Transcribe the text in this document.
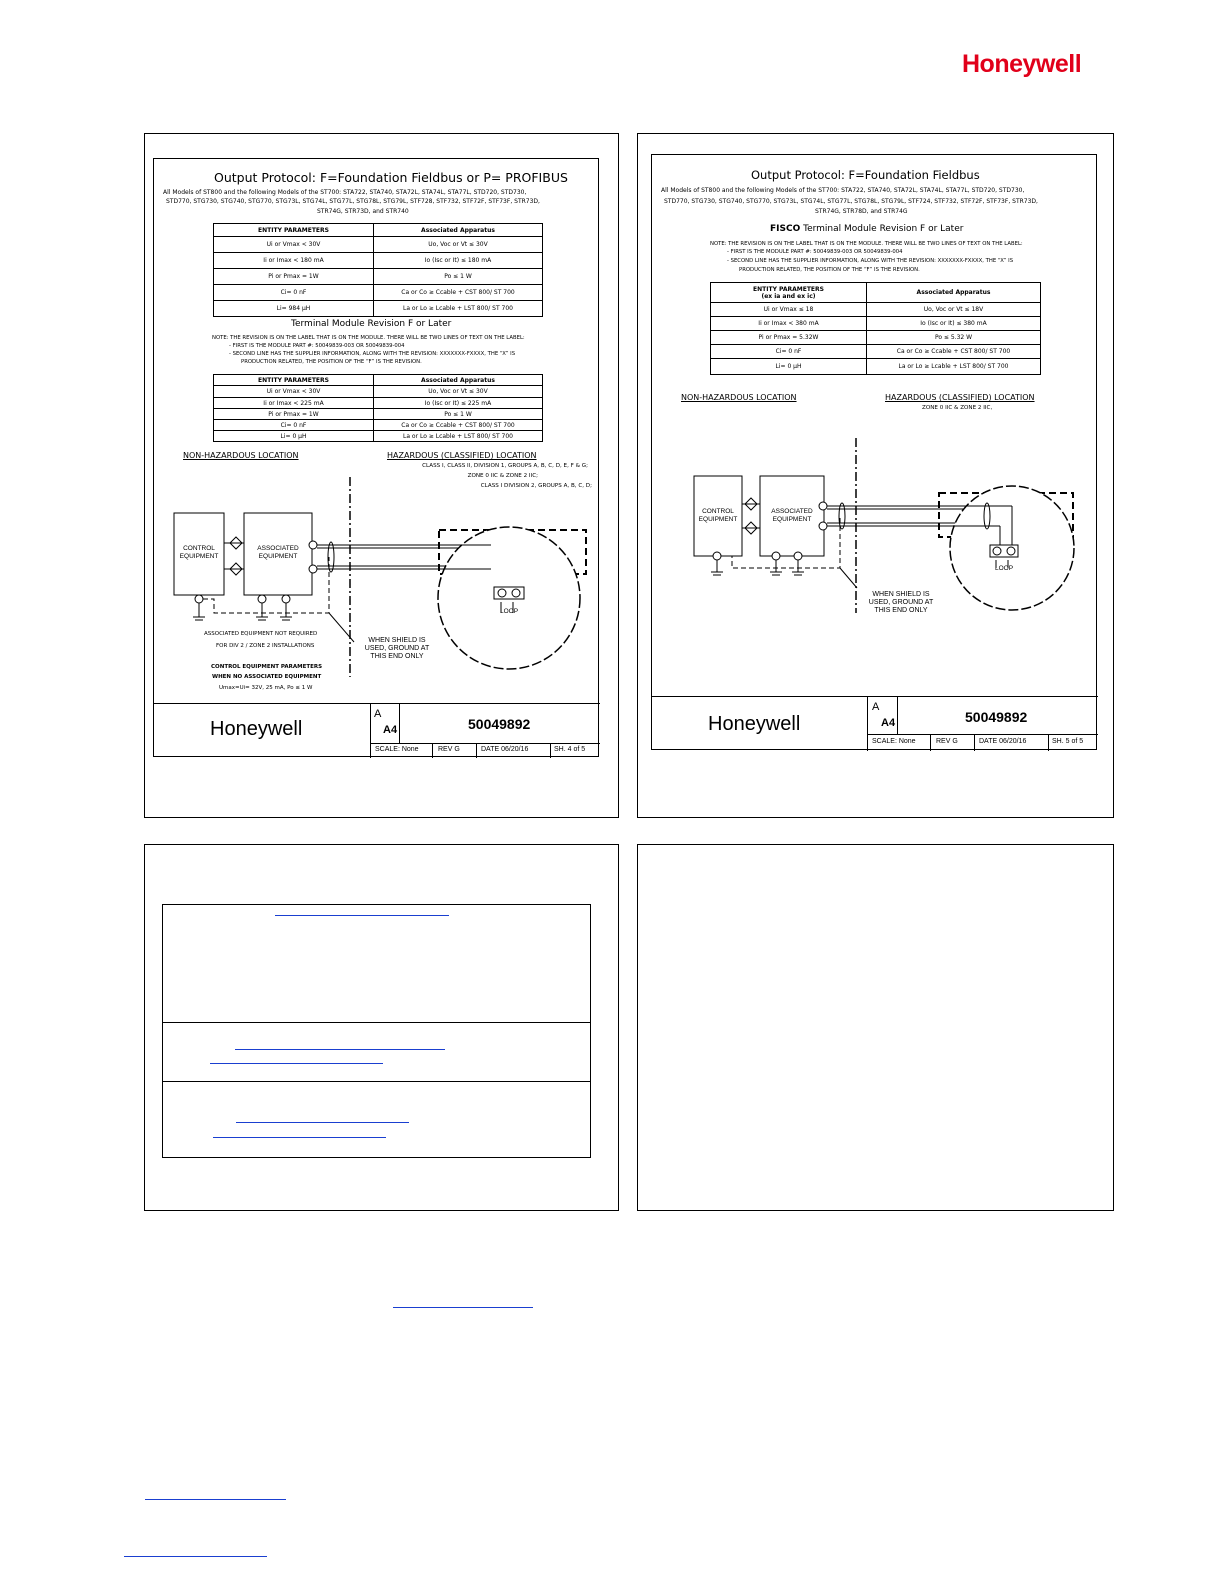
Honeywell
Output Protocol: F=Foundation Fieldbus or P= PROFIBUS
All Models of ST800 and the following Models of the ST700: STA722, STA740, STA72L, STA74L, STA77L, STD720, STD730,
STD770, STG730, STG740, STG770, STG73L, STG74L, STG77L, STG78L, STG79L, STF728, STF732, STF72F, STF73F, STR73D,
STR74G, STR73D, and STR740
ENTITY PARAMETERS	Associated Apparatus
Ui or Vmax < 30V	Uo, Voc or Vt ≤ 30V
Ii or Imax < 180 mA	Io (Isc or It) ≤ 180 mA
Pi or Pmax = 1W	Po ≤ 1 W
Ci= 0 nF	Ca or Co ≥ Ccable + CST 800/ ST 700
Li= 984 μH	La or Lo ≥ Lcable + LST 800/ ST 700
Terminal Module Revision F or Later
NOTE: THE REVISION IS ON THE LABEL THAT IS ON THE MODULE. THERE WILL BE TWO LINES OF TEXT ON THE LABEL:
- FIRST IS THE MODULE PART #: 50049839-003 OR 50049839-004
- SECOND LINE HAS THE SUPPLIER INFORMATION, ALONG WITH THE REVISION: XXXXXXX-FXXXX, THE “X” IS
PRODUCTION RELATED, THE POSITION OF THE “F” IS THE REVISION.
ENTITY PARAMETERS	Associated Apparatus
Ui or Vmax < 30V	Uo, Voc or Vt ≤ 30V
Ii or Imax < 225 mA	Io (Isc or It) ≤ 225 mA
Pi or Pmax = 1W	Po ≤ 1 W
Ci= 0 nF	Ca or Co ≥ Ccable + CST 800/ ST 700
Li= 0 μH	La or Lo ≥ Lcable + LST 800/ ST 700
NON-HAZARDOUS LOCATION	HAZARDOUS (CLASSIFIED) LOCATION
CLASS I, CLASS II, DIVISION 1, GROUPS A, B, C, D, E, F & G;
ZONE 0 IIC & ZONE 2 IIC;
CLASS I DIVISION 2, GROUPS A, B, C, D;
CONTROL
EQUIPMENT
ASSOCIATED
EQUIPMENT
LOOP
WHEN SHIELD IS
USED, GROUND AT
THIS END ONLY
ASSOCIATED EQUIPMENT NOT REQUIRED
FOR DIV 2 / ZONE 2 INSTALLATIONS
CONTROL EQUIPMENT PARAMETERS
WHEN NO ASSOCIATED EQUIPMENT
Umax=Ui= 32V, 25 mA, Po ≤ 1 W
Honeywell
A
A4	50049892
SCALE: None	REV G	DATE 06/20/16	SH. 4 of 5
Output Protocol: F=Foundation Fieldbus
All Models of ST800 and the following Models of the ST700: STA722, STA740, STA72L, STA74L, STA77L, STD720, STD730,
STD770, STG730, STG740, STG770, STG73L, STG74L, STG77L, STG78L, STG79L, STF724, STF732, STF72F, STF73F, STR73D,
STR74G, STR78D, and STR74G
FISCO Terminal Module Revision F or Later
NOTE: THE REVISION IS ON THE LABEL THAT IS ON THE MODULE. THERE WILL BE TWO LINES OF TEXT ON THE LABEL:
- FIRST IS THE MODULE PART #: 50049839-003 OR 50049839-004
- SECOND LINE HAS THE SUPPLIER INFORMATION, ALONG WITH THE REVISION: XXXXXXX-FXXXX, THE “X” IS
PRODUCTION RELATED, THE POSITION OF THE “F” IS THE REVISION.
ENTITY PARAMETERS
(ex ia and ex ic)	Associated Apparatus
Ui or Vmax ≤ 18	Uo, Voc or Vt ≤ 18V
Ii or Imax < 380 mA	Io (Isc or It) ≤ 380 mA
Pi or Pmax = 5.32W	Po ≤ 5.32 W
Ci= 0 nF	Ca or Co ≥ Ccable + CST 800/ ST 700
Li= 0 μH	La or Lo ≥ Lcable + LST 800/ ST 700
NON-HAZARDOUS LOCATION	HAZARDOUS (CLASSIFIED) LOCATION
ZONE 0 IIC & ZONE 2 IIC,
CONTROL
EQUIPMENT
ASSOCIATED
EQUIPMENT
LOOP
WHEN SHIELD IS
USED, GROUND AT
THIS END ONLY
Honeywell
A
A4	50049892
SCALE: None	REV G	DATE 06/20/16	SH. 5 of 5
